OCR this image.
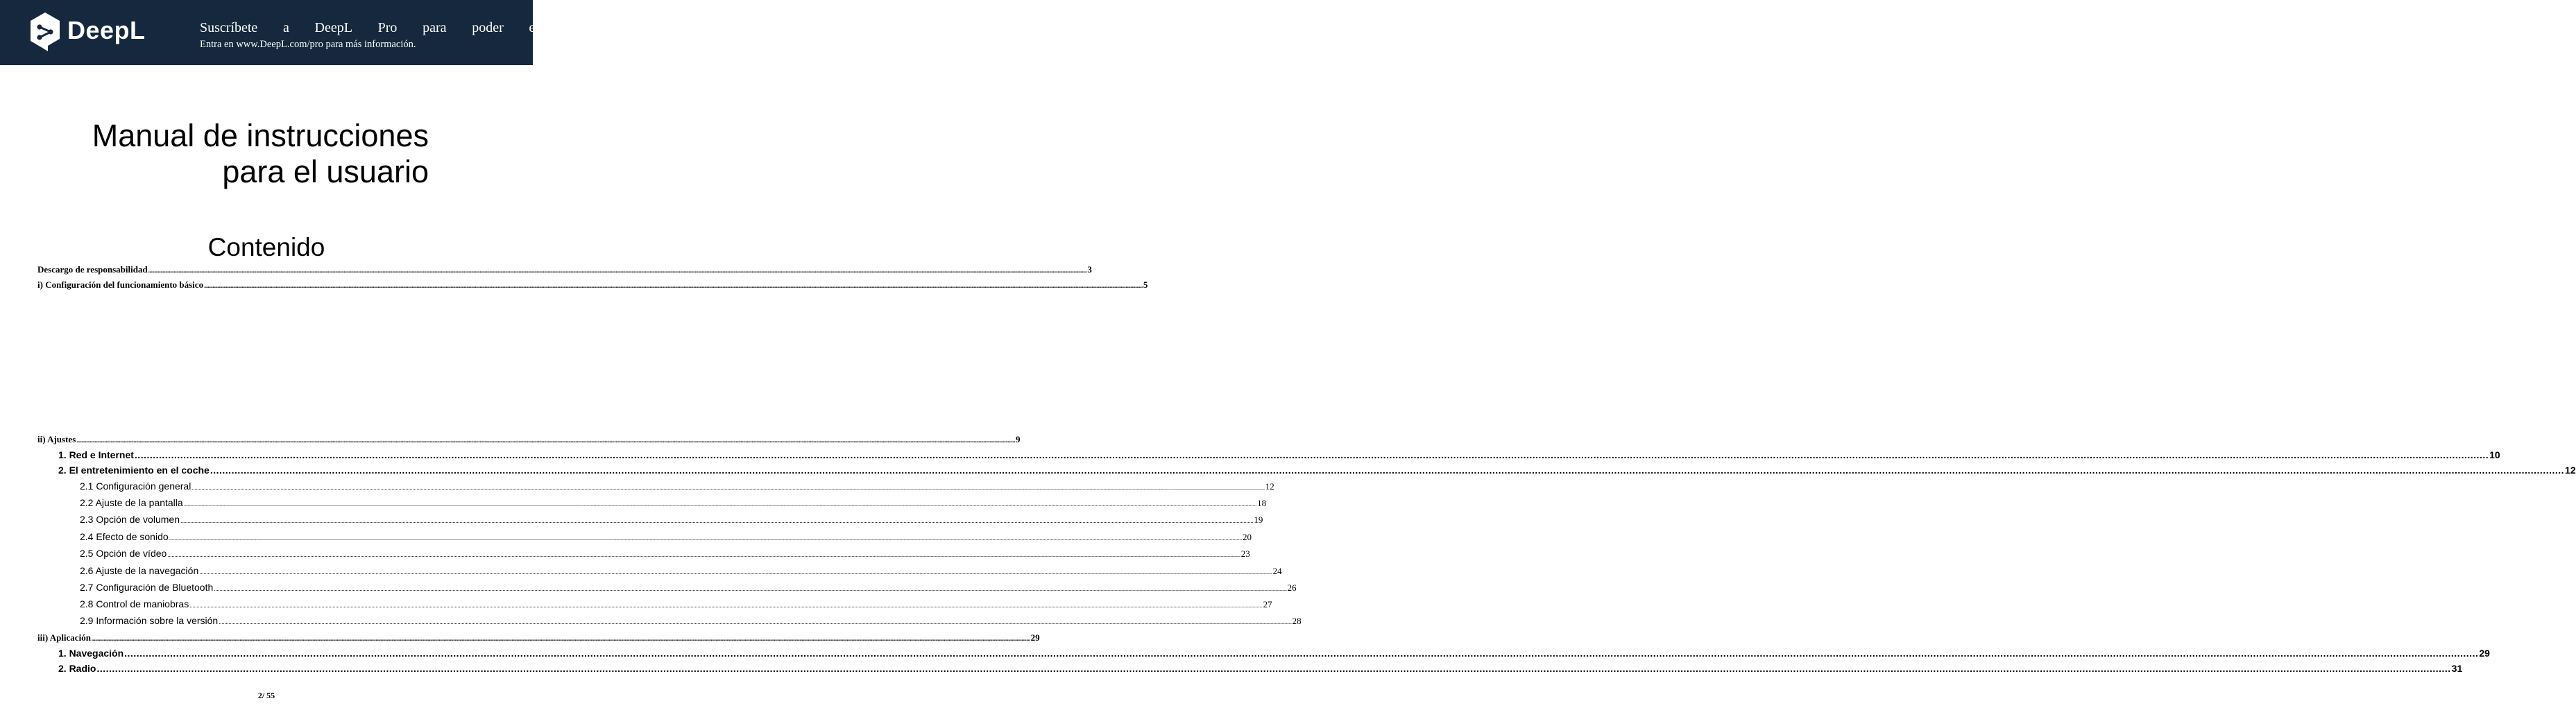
DeepL	Suscríbete a DeepL Pro para poder editar
Entra en www.DeepL.com/pro para más información.
Manual de instrucciones
para el usuario
Contenido
Descargo de responsabilidad .....	3
i) Configuración del funcionamiento básico .....	5
ii) Ajustes .....	9
1. Red e Internet .....	10
2. El entretenimiento en el coche .....	12
2.1 Configuración general .....	12
2.2 Ajuste de la pantalla .....	18
2.3 Opción de volumen .....	19
2.4 Efecto de sonido .....	20
2.5 Opción de vídeo .....	23
2.6 Ajuste de la navegación .....	24
2.7 Configuración de Bluetooth .....	26
2.8 Control de maniobras .....	27
2.9 Información sobre la versión .....	28
iii) Aplicación .....	29
1. Navegación .....	29
2. Radio .....	31
2/ 55
